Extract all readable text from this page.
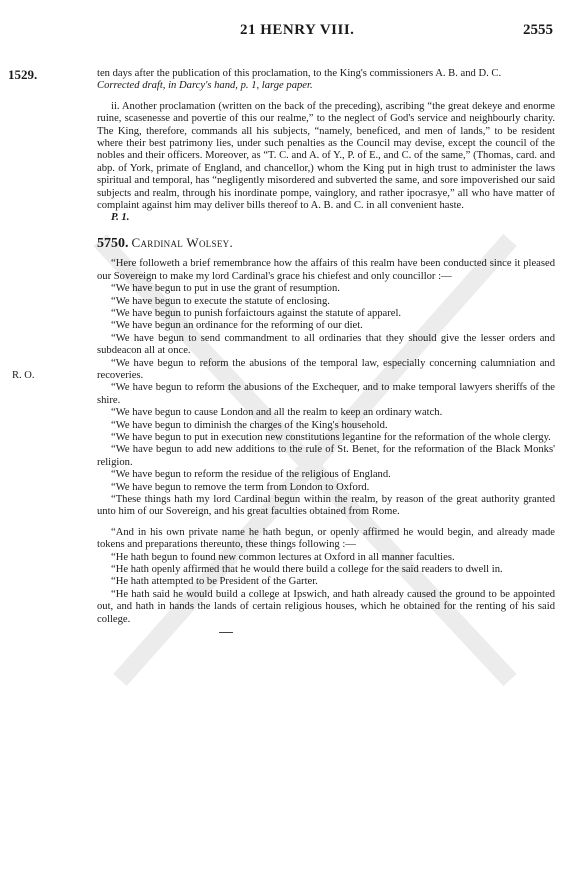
21 HENRY VIII.	2555
1529.
R. O.

ten days after the publication of this proclamation, to the King's commissioners A. B. and D. C.

Corrected draft, in Darcy's hand, p. 1, large paper.

ii. Another proclamation (written on the back of the preceding), ascribing “the great dekeye and enorme ruine, scasenesse and povertie of this our realme,” to the neglect of God's service and neighbourly charity. The King, therefore, commands all his subjects, “namely, beneficed, and men of lands,” to be resident where their best patrimony lies, under such penalties as the Council may devise, except the council of the nobles and their officers. Moreover, as “T. C. and A. of Y., P. of E., and C. of the same,” (Thomas, card. and abp. of York, primate of England, and chancellor,) whom the King put in high trust to administer the laws spiritual and temporal, has “negligently misordered and subverted the same, and sore impoverished our said subjects and realm, through his inordinate pompe, vainglory, and rather ipocrasye,” all who have matter of complaint against him may deliver bills thereof to A. B. and C. in all convenient haste.

P. 1.

5750. Cardinal Wolsey.

“Here followeth a brief remembrance how the affairs of this realm have been conducted since it pleased our Sovereign to make my lord Cardinal's grace his chiefest and only councillor :—

“We have begun to put in use the grant of resumption.

“We have begun to execute the statute of enclosing.

“We have begun to punish forfaictours against the statute of apparel.

“We have begun an ordinance for the reforming of our diet.

“We have begun to send commandment to all ordinaries that they should give the lesser orders and subdeacon all at once.

“We have begun to reform the abusions of the temporal law, especially concerning calumniation and recoveries.

“We have begun to reform the abusions of the Exchequer, and to make temporal lawyers sheriffs of the shire.

“We have begun to cause London and all the realm to keep an ordinary watch.

“We have begun to diminish the charges of the King's household.

“We have begun to put in execution new constitutions legantine for the reformation of the whole clergy.

“We have begun to add new additions to the rule of St. Benet, for the reformation of the Black Monks' religion.

“We have begun to reform the residue of the religious of England.

“We have begun to remove the term from London to Oxford.

“These things hath my lord Cardinal begun within the realm, by reason of the great authority granted unto him of our Sovereign, and his great faculties obtained from Rome.

“And in his own private name he hath begun, or openly affirmed he would begin, and already made tokens and preparations thereunto, these things following :—

“He hath begun to found new common lectures at Oxford in all manner faculties.

“He hath openly affirmed that he would there build a college for the said readers to dwell in.

“He hath attempted to be President of the Garter.

“He hath said he would build a college at Ipswich, and hath already caused the ground to be appointed out, and hath in hands the lands of certain religious houses, which he obtained for the renting of his said college.
